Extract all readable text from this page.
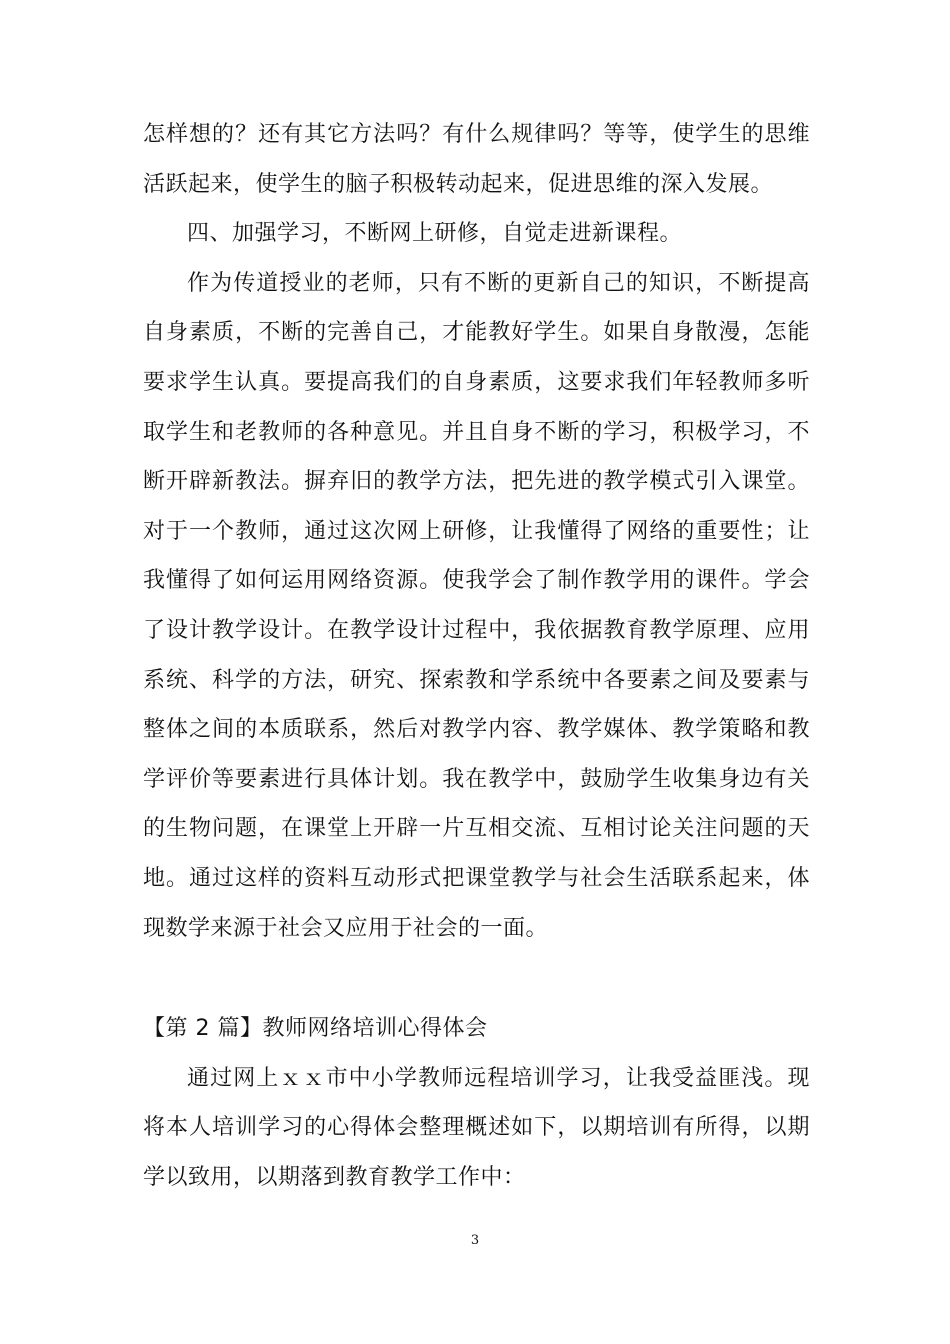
怎样想的？还有其它方法吗？有什么规律吗？等等，使学生的思维活跃起来，使学生的脑子积极转动起来，促进思维的深入发展。

四、加强学习，不断网上研修，自觉走进新课程。

作为传道授业的老师，只有不断的更新自己的知识，不断提高自身素质，不断的完善自己，才能教好学生。如果自身散漫，怎能要求学生认真。要提高我们的自身素质，这要求我们年轻教师多听取学生和老教师的各种意见。并且自身不断的学习，积极学习，不断开辟新教法。摒弃旧的教学方法，把先进的教学模式引入课堂。对于一个教师，通过这次网上研修，让我懂得了网络的重要性；让我懂得了如何运用网络资源。使我学会了制作教学用的课件。学会了设计教学设计。在教学设计过程中，我依据教育教学原理、应用系统、科学的方法，研究、探索教和学系统中各要素之间及要素与整体之间的本质联系，然后对教学内容、教学媒体、教学策略和教学评价等要素进行具体计划。我在教学中，鼓励学生收集身边有关的生物问题，在课堂上开辟一片互相交流、互相讨论关注问题的天地。通过这样的资料互动形式把课堂教学与社会生活联系起来，体现数学来源于社会又应用于社会的一面。

【第 2 篇】教师网络培训心得体会

通过网上ｘｘ市中小学教师远程培训学习，让我受益匪浅。现将本人培训学习的心得体会整理概述如下，以期培训有所得，以期学以致用，以期落到教育教学工作中：

3
